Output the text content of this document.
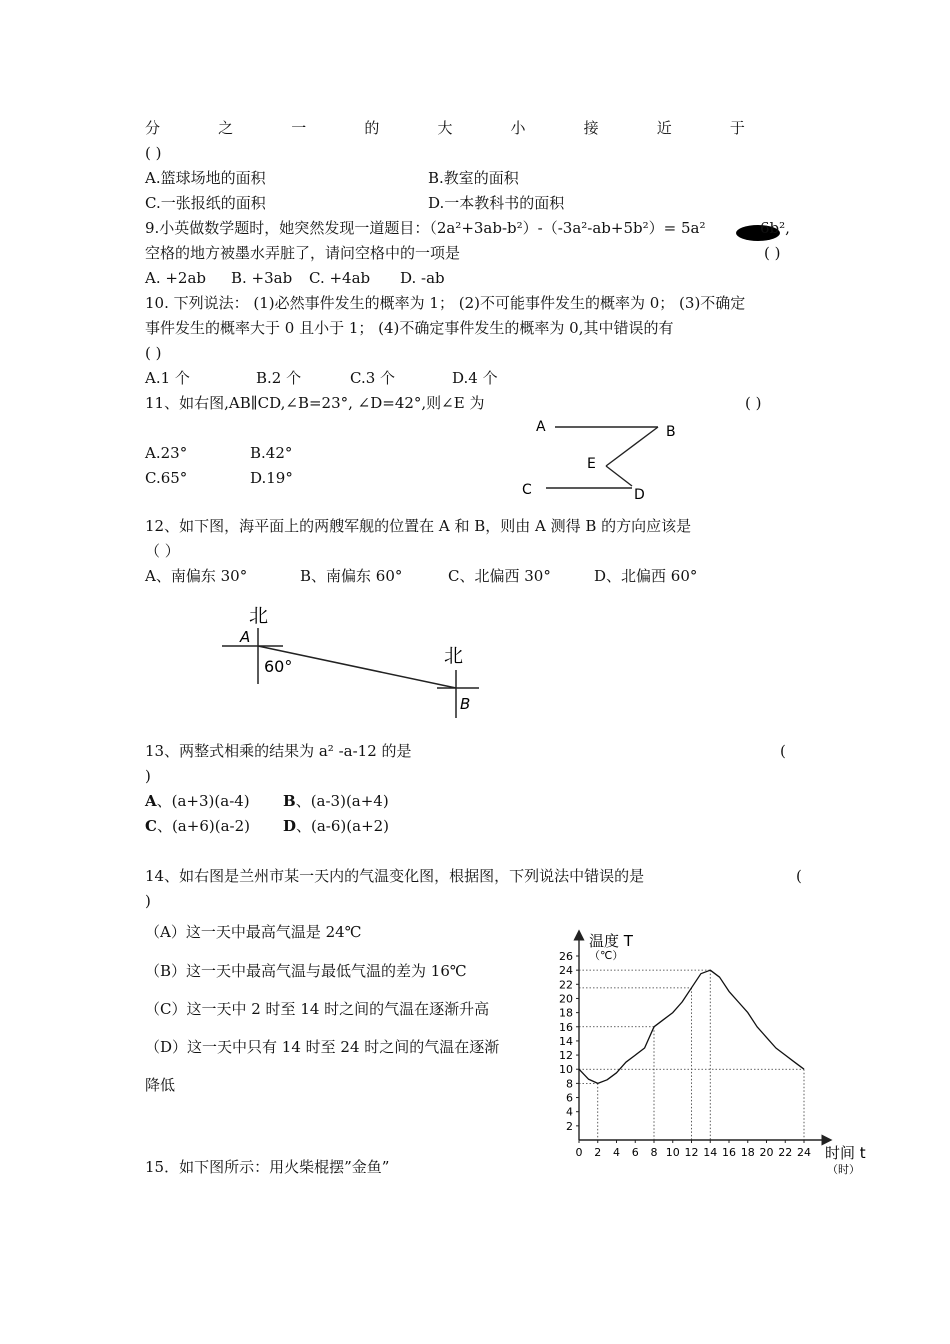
分	之	一	的	大	小	接	近	于
( )
A.篮球场地的面积	B.教室的面积
C.一张报纸的面积	D.一本教科书的面积
9.小英做数学题时，她突然发现一道题目：（2a²+3ab-b²）-（-3a²-ab+5b²）= 5a²	6b²,
空格的地方被墨水弄脏了，请问空格中的一项是	( )
A. +2ab B. +3ab C. +4ab D. -ab
10. 下列说法： (1)必然事件发生的概率为 1； (2)不可能事件发生的概率为 0； (3)不确定
事件发生的概率大于 0 且小于 1； (4)不确定事件发生的概率为 0,其中错误的有
( )
A.1 个	B.2 个	C.3 个	D.4 个
11、如右图,AB∥CD,∠B=23°, ∠D=42°,则∠E 为	( )
A.23°	B.42°
C.65°	D.19°
A	B
E
C	D
12、如下图，海平面上的两艘军舰的位置在 A 和 B，则由 A 测得 B 的方向应该是
（ ）
A、南偏东 30°	B、南偏东 60°	C、北偏西 30°	D、北偏西 60°
北
A
60°	北
B
13、两整式相乘的结果为 a² -a-12 的是	(
)
A、(a+3)(a-4) B、(a-3)(a+4)
C、(a+6)(a-2) D、(a-6)(a+2)
14、如右图是兰州市某一天内的气温变化图，根据图，下列说法中错误的是	(
)
（A）这一天中最高气温是 24℃
（B）这一天中最高气温与最低气温的差为 16℃
（C）这一天中 2 时至 14 时之间的气温在逐渐升高
（D）这一天中只有 14 时至 24 时之间的气温在逐渐
降低
温度 T
（℃）
时间 t
（时）
2
4
6
8
10
12
14
16
18
20
22
24
26
0 2 4 6 8 10 12 14 16 18 20 22 24
15．如下图所示：用火柴棍摆”金鱼”
